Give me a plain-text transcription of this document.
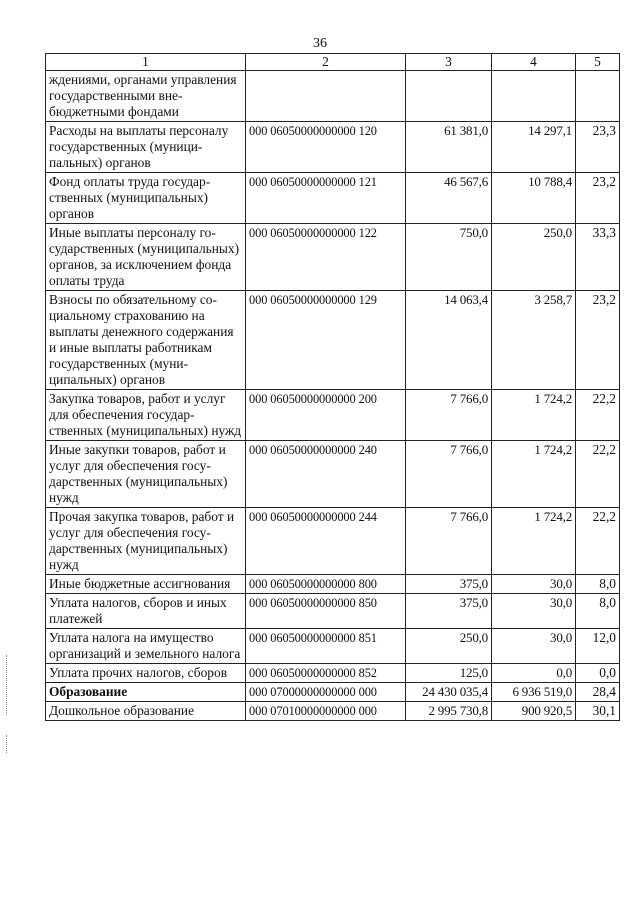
36
1	2	3	4	5
ждениями, органами управления государственными внебюджетными фондами				
Расходы на выплаты персоналу государственных (муниципальных) органов	000 06050000000000 120	61 381,0	14 297,1	23,3
Фонд оплаты труда государственных (муниципальных) органов	000 06050000000000 121	46 567,6	10 788,4	23,2
Иные выплаты персоналу государственных (муниципальных) органов, за исключением фонда оплаты труда	000 06050000000000 122	750,0	250,0	33,3
Взносы по обязательному социальному страхованию на выплаты денежного содержания и иные выплаты работникам государственных (муниципальных) органов	000 06050000000000 129	14 063,4	3 258,7	23,2
Закупка товаров, работ и услуг для обеспечения государственных (муниципальных) нужд	000 06050000000000 200	7 766,0	1 724,2	22,2
Иные закупки товаров, работ и услуг для обеспечения государственных (муниципальных) нужд	000 06050000000000 240	7 766,0	1 724,2	22,2
Прочая закупка товаров, работ и услуг для обеспечения государственных (муниципальных) нужд	000 06050000000000 244	7 766,0	1 724,2	22,2
Иные бюджетные ассигнования	000 06050000000000 800	375,0	30,0	8,0
Уплата налогов, сборов и иных платежей	000 06050000000000 850	375,0	30,0	8,0
Уплата налога на имущество организаций и земельного налога	000 06050000000000 851	250,0	30,0	12,0
Уплата прочих налогов, сборов	000 06050000000000 852	125,0	0,0	0,0
Образование	000 07000000000000 000	24 430 035,4	6 936 519,0	28,4
Дошкольное образование	000 07010000000000 000	2 995 730,8	900 920,5	30,1
